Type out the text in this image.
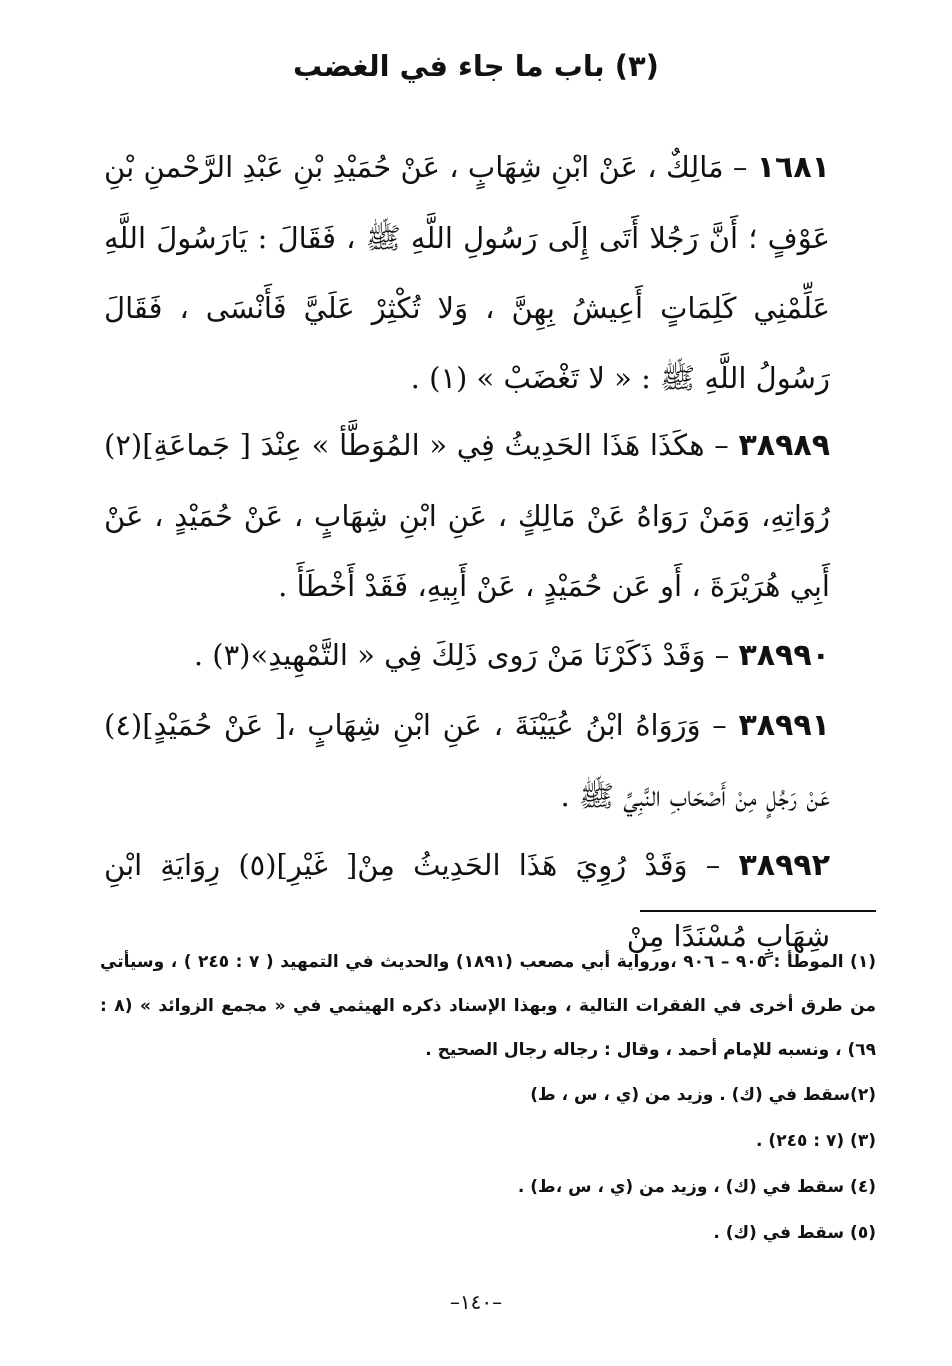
(٣) باب ما جاء في الغضب
١٦٨١ – مَالِكٌ ، عَنْ ابْنِ شِهَابٍ ، عَنْ حُمَيْدِ بْنِ عَبْدِ الرَّحْمنِ بْنِ عَوْفٍ ؛ أَنَّ رَجُلا أَتَى إِلَى رَسُولِ اللَّهِ ﷺ ، فَقَالَ : يَارَسُولَ اللَّهِ عَلِّمْنِي كَلِمَاتٍ أَعِيشُ بِهِنَّ ، وَلا تُكْثِرْ عَلَيَّ فَأَنْسَى ، فَقَالَ رَسُولُ اللَّهِ ﷺ : « لا تَغْضَبْ » (١) .
٣٨٩٨٩ – هكَذَا هَذَا الحَدِيثُ فِي « المُوَطَّأ » عِنْدَ [ جَماعَةِ](٢) رُوَاتِهِ، وَمَنْ رَوَاهُ عَنْ مَالِكٍ ، عَنِ ابْنِ شِهَابٍ ، عَنْ حُمَيْدٍ ، عَنْ أَبِي هُرَيْرَةَ ، أَو عَن حُمَيْدٍ ، عَنْ أَبِيهِ، فَقَدْ أَخْطَأَ .
٣٨٩٩٠ – وَقَدْ ذَكَرْنَا مَنْ رَوى ذَلِكَ فِي « التَّمْهِيدِ»(٣) .
٣٨٩٩١ – وَرَوَاهُ ابْنُ عُيَيْنَةَ ، عَنِ ابْنِ شِهَابٍ ،[ عَنْ حُمَيْدٍ](٤) عَنْ رَجُلٍ مِنْ أَصْحَابِ النَّبِيِّ ﷺ .
٣٨٩٩٢ – وَقَدْ رُوِيَ هَذَا الحَدِيثُ مِنْ[ غَيْرِ](٥) رِوَايَةِ ابْنِ شِهَابٍ مُسْنَدًا مِنْ
(١) الموطأ : ٩٠٥ – ٩٠٦ ،ورواية أبي مصعب (١٨٩١) والحديث في التمهيد ( ٧ : ٢٤٥ ) ، وسيأتي من طرق أخرى في الفقرات التالية ، وبهذا الإسناد ذكره الهيثمي في « مجمع الزوائد » (٨ : ٦٩) ، ونسبه للإمام أحمد ، وقال : رجاله رجال الصحيح .
(٢)سقط في (ك) . وزيد من (ي ، س ، ط)
(٣) (٧ : ٢٤٥) .
(٤) سقط في (ك) ، وزيد من (ي ، س ،ط) .
(٥) سقط في (ك) .
–١٤٠–
